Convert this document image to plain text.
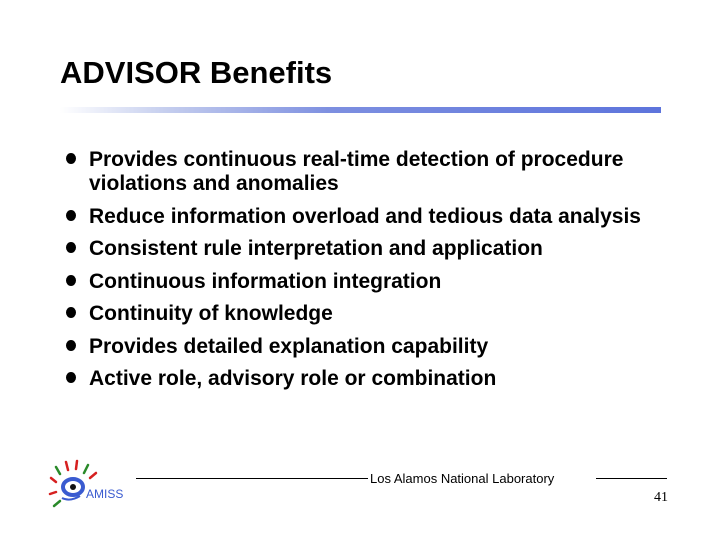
ADVISOR Benefits
Provides continuous real-time detection of procedure violations and anomalies
Reduce information overload and tedious data analysis
Consistent rule interpretation and application
Continuous information integration
Continuity of knowledge
Provides detailed explanation capability
Active role, advisory role or combination
AMISS
Los Alamos National Laboratory
41
